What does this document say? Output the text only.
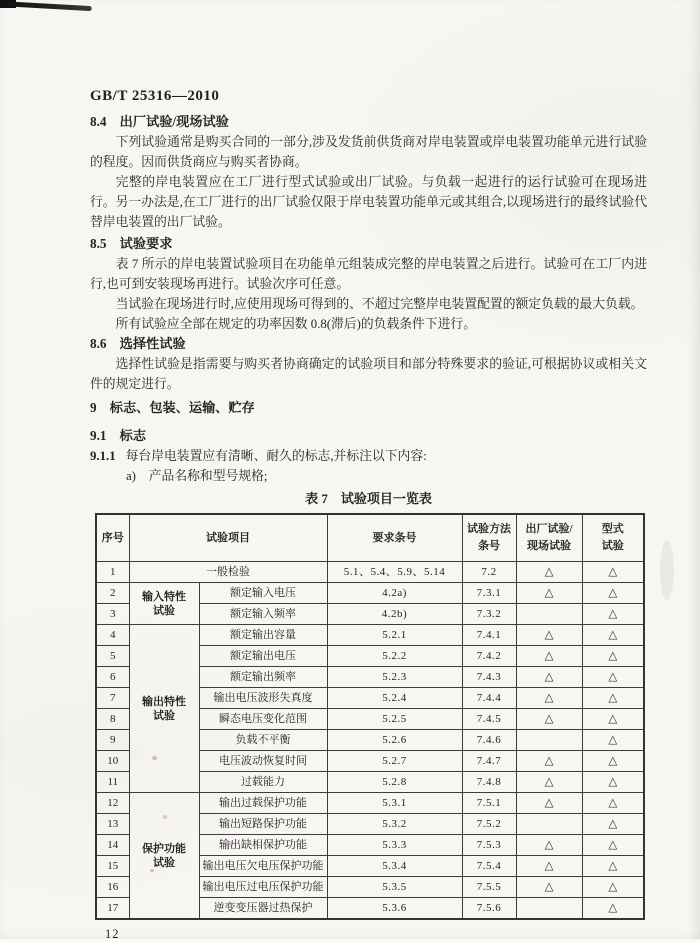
GB/T 25316—2010
8.4　出厂试验/现场试验

下列试验通常是购买合同的一部分,涉及发货前供货商对岸电装置或岸电装置功能单元进行试验的程度。因而供货商应与购买者协商。

完整的岸电装置应在工厂进行型式试验或出厂试验。与负载一起进行的运行试验可在现场进行。另一办法是,在工厂进行的出厂试验仅限于岸电装置功能单元或其组合,以现场进行的最终试验代替岸电装置的出厂试验。

8.5　试验要求

表 7 所示的岸电装置试验项目在功能单元组装成完整的岸电装置之后进行。试验可在工厂内进行,也可到安装现场再进行。试验次序可任意。

当试验在现场进行时,应使用现场可得到的、不超过完整岸电装置配置的额定负载的最大负载。

所有试验应全部在规定的功率因数 0.8(滞后)的负载条件下进行。

8.6　选择性试验

选择性试验是指需要与购买者协商确定的试验项目和部分特殊要求的验证,可根据协议或相关文件的规定进行。

9　标志、包装、运输、贮存
9.1　标志

9.1.1 每台岸电装置应有清晰、耐久的标志,并标注以下内容:

a)　产品名称和型号规格;

表 7　试验项目一览表
序号	试验项目		要求条号	试验方法
条号	出厂试验/
现场试验	型式
试验
1	一般检验		5.1、5.4、5.9、5.14	7.2	△	△
2	输入特性
试验	额定输入电压	4.2a)	7.3.1	△	△
3		额定输入频率	4.2b)	7.3.2		△
4	输出特性
试验	额定输出容量	5.2.1	7.4.1	△	△
5		额定输出电压	5.2.2	7.4.2	△	△
6		额定输出频率	5.2.3	7.4.3	△	△
7		输出电压波形失真度	5.2.4	7.4.4	△	△
8		瞬态电压变化范围	5.2.5	7.4.5	△	△
9		负载不平衡	5.2.6	7.4.6		△
10		电压波动恢复时间	5.2.7	7.4.7	△	△
11		过载能力	5.2.8	7.4.8	△	△
12	保护功能
试验	输出过载保护功能	5.3.1	7.5.1	△	△
13		输出短路保护功能	5.3.2	7.5.2		△
14		输出缺相保护功能	5.3.3	7.5.3	△	△
15		输出电压欠电压保护功能	5.3.4	7.5.4	△	△
16		输出电压过电压保护功能	5.3.5	7.5.5	△	△
17		逆变变压器过热保护	5.3.6	7.5.6		△
12
